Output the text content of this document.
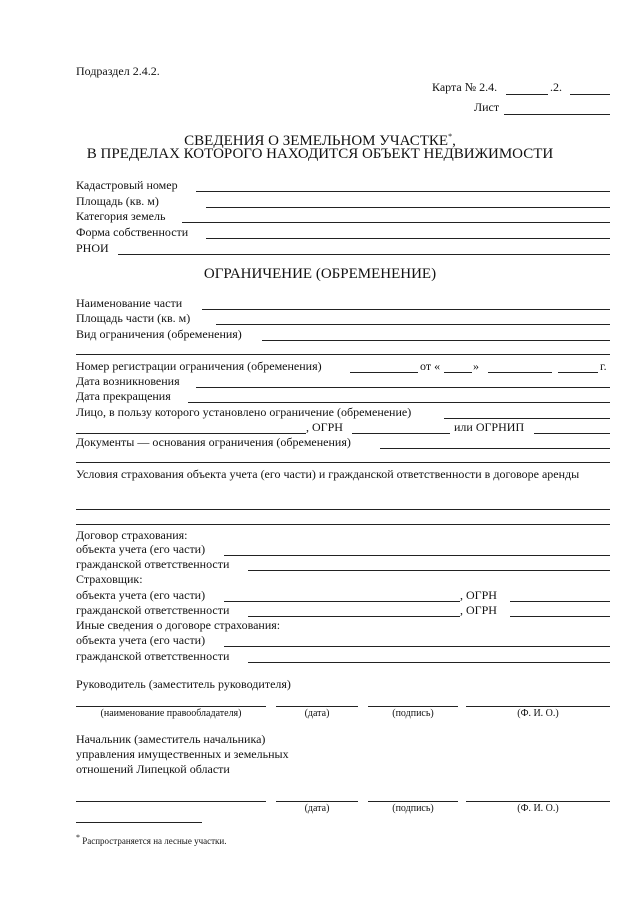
Подраздел 2.4.2.
Карта № 2.4.	.2.
Лист
СВЕДЕНИЯ О ЗЕМЕЛЬНОМ УЧАСТКЕ*,
В ПРЕДЕЛАХ КОТОРОГО НАХОДИТСЯ ОБЪЕКТ НЕДВИЖИМОСТИ
Кадастровый номер
Площадь (кв. м)
Категория земель
Форма собственности
РНОИ
ОГРАНИЧЕНИЕ (ОБРЕМЕНЕНИЕ)
Наименование части
Площадь части (кв. м)
Вид ограничения (обременения)
Номер регистрации ограничения (обременения)	от «	»	г.
Дата возникновения
Дата прекращения
Лицо, в пользу которого установлено ограничение (обременение)
, ОГРН	или ОГРНИП
Документы — основания ограничения (обременения)
Условия страхования объекта учета (его части) и гражданской ответственности в договоре аренды
Договор страхования:
объекта учета (его части)
гражданской ответственности
Страховщик:
объекта учета (его части)	, ОГРН
гражданской ответственности	, ОГРН
Иные сведения о договоре страхования:
объекта учета (его части)
гражданской ответственности
Руководитель (заместитель руководителя)
(наименование правообладателя)	(дата)	(подпись)	(Ф. И. О.)
Начальник (заместитель начальника)
управления имущественных и земельных
отношений Липецкой области
(дата)	(подпись)	(Ф. И. О.)
* Распространяется на лесные участки.
